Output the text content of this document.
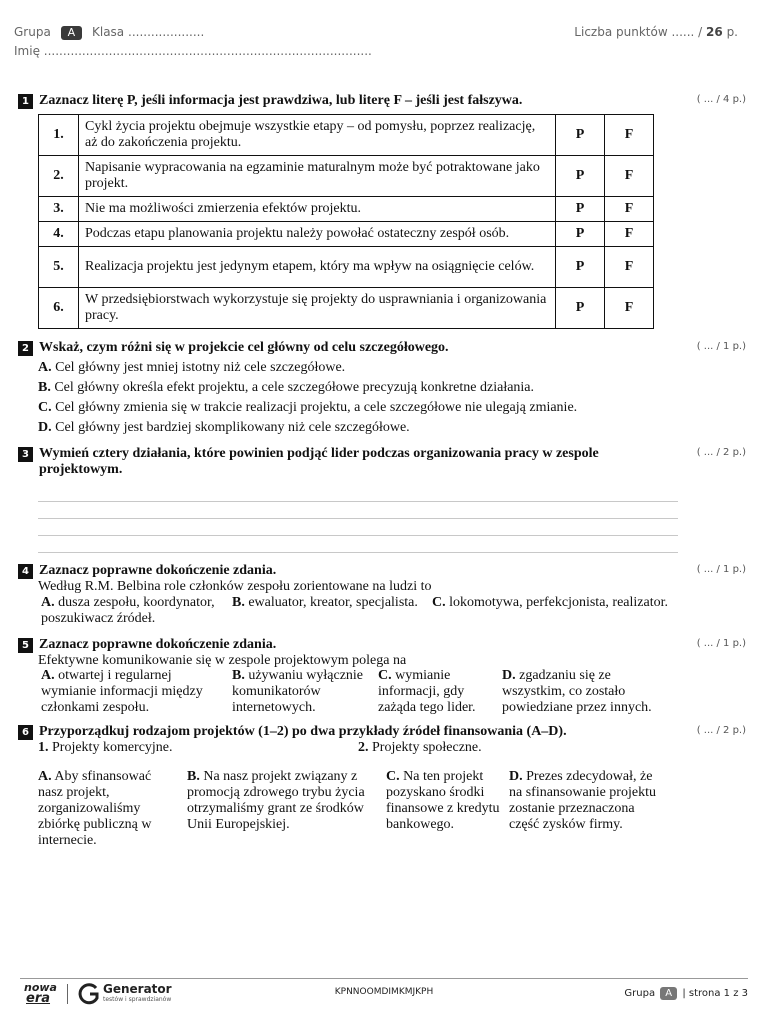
Grupa A Klasa ....................	Liczba punktów ...... / 26 p.
Imię ......................................................................................
1 Zaznacz literę P, jeśli informacja jest prawdziwa, lub literę F – jeśli jest fałszywa.	( ... / 4 p.)
1.	Cykl życia projektu obejmuje wszystkie etapy – od pomysłu, poprzez realizację, aż do zakończenia projektu.	P	F
2.	Napisanie wypracowania na egzaminie maturalnym może być potraktowane jako projekt.	P	F
3.	Nie ma możliwości zmierzenia efektów projektu.	P	F
4.	Podczas etapu planowania projektu należy powołać ostateczny zespół osób.	P	F
5.	Realizacja projektu jest jedynym etapem, który ma wpływ na osiągnięcie celów.	P	F
6.	W przedsiębiorstwach wykorzystuje się projekty do usprawniania i organizowania pracy.	P	F
2 Wskaż, czym różni się w projekcie cel główny od celu szczegółowego.	( ... / 1 p.)
A. Cel główny jest mniej istotny niż cele szczegółowe.
B. Cel główny określa efekt projektu, a cele szczegółowe precyzują konkretne działania.
C. Cel główny zmienia się w trakcie realizacji projektu, a cele szczegółowe nie ulegają zmianie.
D. Cel główny jest bardziej skomplikowany niż cele szczegółowe.
3 Wymień cztery działania, które powinien podjąć lider podczas organizowania pracy w zespole
projektowym.
( ... / 2 p.)
4 Zaznacz poprawne dokończenie zdania.	( ... / 1 p.)
Według R.M. Belbina role członków zespołu zorientowane na ludzi to
A. dusza zespołu, koordynator,
poszukiwacz źródeł.
B. ewaluator, kreator, specjalista. C. lokomotywa, perfekcjonista, realizator.
5 Zaznacz poprawne dokończenie zdania.	( ... / 1 p.)
Efektywne komunikowanie się w zespole projektowym polega na
A. otwartej i regularnej
wymianie informacji między
członkami zespołu.
B. używaniu wyłącznie
komunikatorów
internetowych.
C. wymianie
informacji, gdy
zażąda tego lider.
D. zgadzaniu się ze
wszystkim, co zostało
powiedziane przez innych.
6 Przyporządkuj rodzajom projektów (1–2) po dwa przykłady źródeł finansowania (A–D).	( ... / 2 p.)
1. Projekty komercyjne.	2. Projekty społeczne.
A. Aby sfinansować
nasz projekt,
zorganizowaliśmy
zbiórkę publiczną w
internecie.
B. Na nasz projekt związany z
promocją zdrowego trybu życia
otrzymaliśmy grant ze środków
Unii Europejskiej.
C. Na ten projekt
pozyskano środki
finansowe z kredytu
bankowego.
D. Prezes zdecydował, że
na sfinansowanie projektu
zostanie przeznaczona
część zysków firmy.
nowa
era
Generator
testów i sprawdzianów
KPNNOOMDIMKMJKPH	Grupa A | strona 1 z 3
